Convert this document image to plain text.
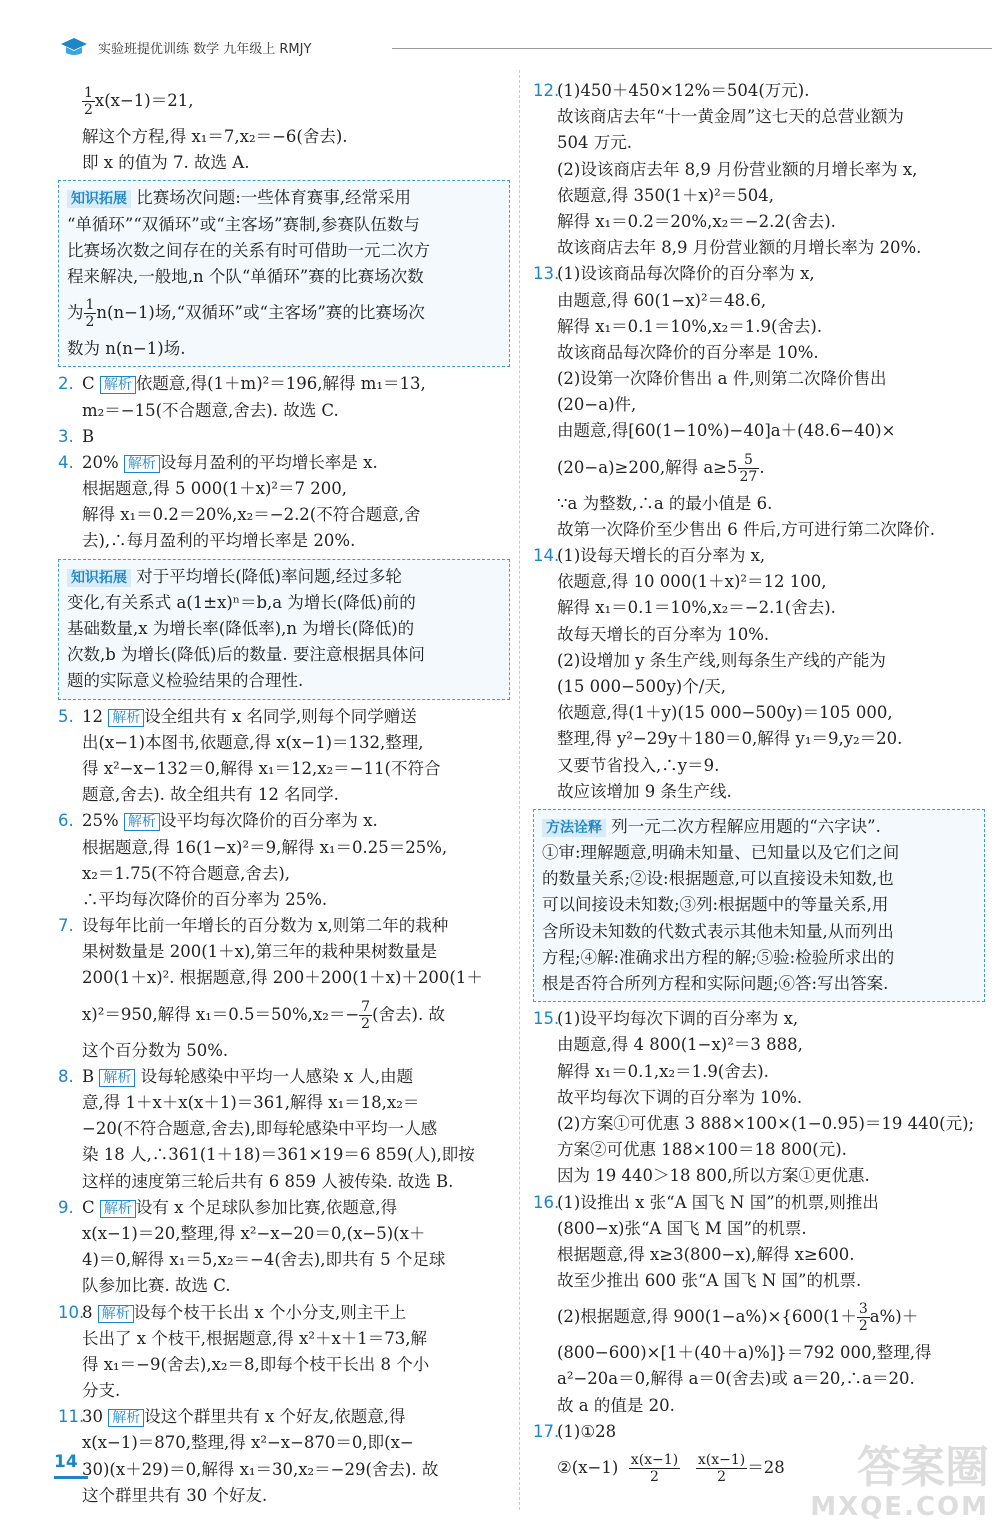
实验班提优训练 数学 九年级上 RMJY
$\frac{1}{2} x(x-1)=21$,
解这个方程,得 x₁＝7,x₂＝−6(舍去).
即 x 的值为 7. 故选 A.
知识拓展 比赛场次问题:一些体育赛事,经常采用
“单循环”“双循环”或“主客场”赛制,参赛队伍数与
比赛场次数之间存在的关系有时可借助一元二次方
程来解决,一般地,n 个队“单循环”赛的比赛场次数
为 $\frac{1}{2} n(n-1)$场,“双循环”或“主客场”赛的比赛场次
数为 n(n−1)场.
2. C 解析 依题意,得(1＋m)²＝196,解得 m₁＝13,
m₂＝−15(不合题意,舍去). 故选 C.
3. B
4. 20% 解析 设每月盈利的平均增长率是 x.
根据题意,得 5 000(1＋x)²＝7 200,
解得 x₁＝0.2＝20%,x₂＝−2.2(不符合题意,舍
去),∴每月盈利的平均增长率是 20%.
知识拓展 对于平均增长(降低)率问题,经过多轮
变化,有关系式 a(1±x)ⁿ＝b,a 为增长(降低)前的
基础数量,x 为增长率(降低率),n 为增长(降低)的
次数,b 为增长(降低)后的数量. 要注意根据具体问
题的实际意义检验结果的合理性.
5. 12 解析 设全组共有 x 名同学,则每个同学赠送
出(x−1)本图书,依题意,得 x(x−1)＝132,整理,
得 x²−x−132＝0,解得 x₁＝12,x₂＝−11(不符合
题意,舍去). 故全组共有 12 名同学.
6. 25% 解析 设平均每次降价的百分率为 x.
根据题意,得 16(1−x)²＝9,解得 x₁＝0.25＝25%,
x₂＝1.75(不符合题意,舍去),
∴平均每次降价的百分率为 25%.
7. 设每年比前一年增长的百分数为 x,则第二年的栽种
果树数量是 200(1＋x),第三年的栽种果树数量是
200(1＋x)². 根据题意,得 200＋200(1＋x)＋200(1＋
x)²＝950,解得 $x_1=0.5=50\%,x_2=- \frac{7}{2}$ (舍去). 故
这个百分数为 50%.
8. B 解析 设每轮感染中平均一人感染 x 人,由题
意,得 1＋x＋x(x＋1)＝361,解得 x₁＝18,x₂＝
−20(不符合题意,舍去),即每轮感染中平均一人感
染 18 人,∴361(1＋18)＝361×19＝6 859(人),即按
这样的速度第三轮后共有 6 859 人被传染. 故选 B.
9. C 解析 设有 x 个足球队参加比赛,依题意,得
x(x−1)＝20,整理,得 x²−x−20＝0,(x−5)(x＋
4)＝0,解得 x₁＝5,x₂＝−4(舍去),即共有 5 个足球
队参加比赛. 故选 C.
10.
8 解析 设每个枝干长出 x 个小分支,则主干上
长出了 x 个枝干,根据题意,得 x²＋x＋1＝73,解
得 x₁＝−9(舍去),x₂＝8,即每个枝干长出 8 个小
分支.
11.
30 解析 设这个群里共有 x 个好友,依题意,得
x(x−1)＝870,整理,得 x²−x−870＝0,即(x−
30)(x＋29)＝0,解得 x₁＝30,x₂＝−29(舍去). 故
这个群里共有 30 个好友.
12.
(1)450＋450×12%＝504(万元).
故该商店去年“十一黄金周”这七天的总营业额为
504 万元.
(2)设该商店去年 8,9 月份营业额的月增长率为 x,
依题意,得 350(1＋x)²＝504,
解得 x₁＝0.2＝20%,x₂＝−2.2(舍去).
故该商店去年 8,9 月份营业额的月增长率为 20%.
13.
(1)设该商品每次降价的百分率为 x,
由题意,得 60(1−x)²＝48.6,
解得 x₁＝0.1＝10%,x₂＝1.9(舍去).
故该商品每次降价的百分率是 10%.
(2)设第一次降价售出 a 件,则第二次降价售出
(20−a)件,
由题意,得[60(1−10%)−40]a＋(48.6−40)×
(20−a)≥200,解得 $a\ge 5 \frac{5}{27}$ .
∵a 为整数,∴a 的最小值是 6.
故第一次降价至少售出 6 件后,方可进行第二次降价.
14.
(1)设每天增长的百分率为 x,
依题意,得 10 000(1＋x)²＝12 100,
解得 x₁＝0.1＝10%,x₂＝−2.1(舍去).
故每天增长的百分率为 10%.
(2)设增加 y 条生产线,则每条生产线的产能为
(15 000−500y)个/天,
依题意,得(1＋y)(15 000−500y)＝105 000,
整理,得 y²−29y＋180＝0,解得 y₁＝9,y₂＝20.
又要节省投入,∴y＝9.
故应该增加 9 条生产线.
方法诠释 列一元二次方程解应用题的“六字诀”.
①审:理解题意,明确未知量、已知量以及它们之间
的数量关系;②设:根据题意,可以直接设未知数,也
可以间接设未知数;③列:根据题中的等量关系,用
含所设未知数的代数式表示其他未知量,从而列出
方程;④解:准确求出方程的解;⑤验:检验所求出的
根是否符合所列方程和实际问题;⑥答:写出答案.
15.
(1)设平均每次下调的百分率为 x,
由题意,得 4 800(1−x)²＝3 888,
解得 x₁＝0.1,x₂＝1.9(舍去).
故平均每次下调的百分率为 10%.
(2)方案①可优惠 3 888×100×(1−0.95)＝19 440(元);
方案②可优惠 188×100＝18 800(元).
因为 19 440＞18 800,所以方案①更优惠.
16.
(1)设推出 x 张“A 国飞 N 国”的机票,则推出
(800−x)张“A 国飞 M 国”的机票.
根据题意,得 x≥3(800−x),解得 x≥600.
故至少推出 600 张“A 国飞 N 国”的机票.
(2)根据题意,得 $900(1-a\%)\times\{600(1+ \frac{3}{2} a\%)+$
(800−600)×[1＋(40＋a)%]}＝792 000,整理,得
a²−20a＝0,解得 a＝0(舍去)或 a＝20,∴a＝20.
故 a 的值是 20.
17.
(1)①28
②(x−1) $\frac{x(x-1)}{2}$
$\frac{x(x-1)}{2} =28$
14	答案圈
MXQE.COM
